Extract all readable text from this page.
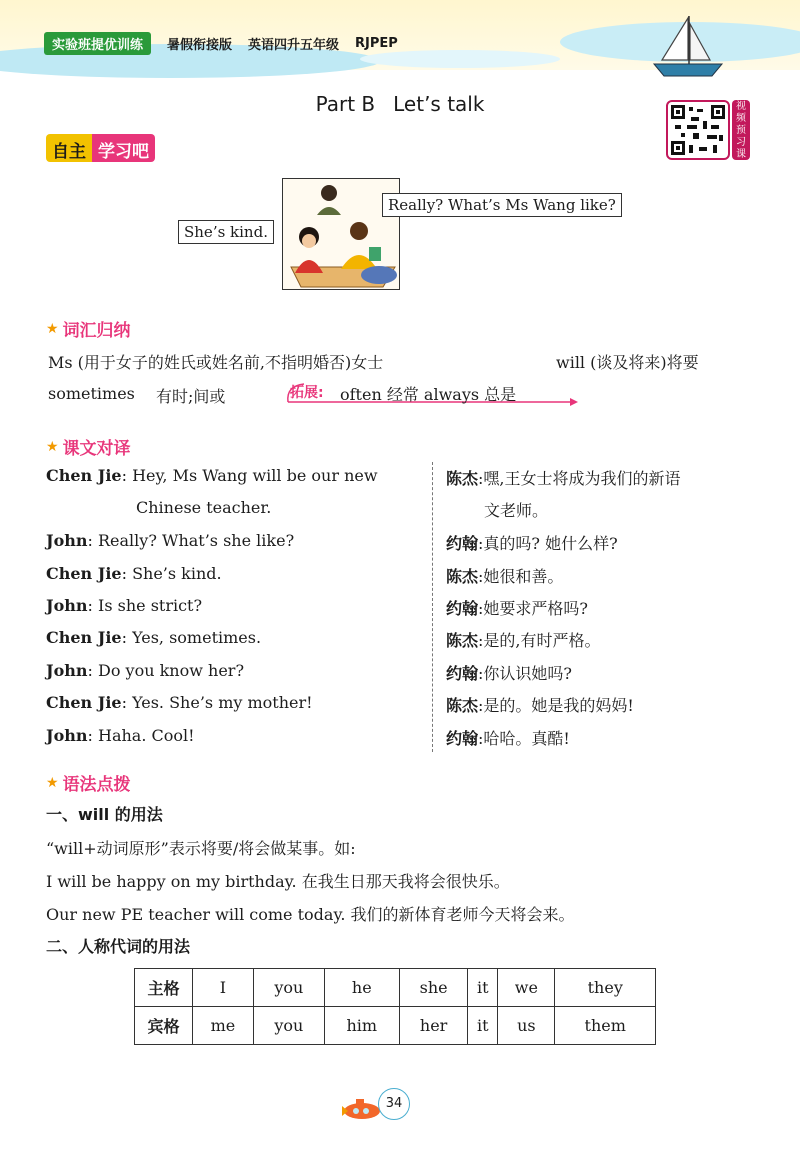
实验班提优训练	暑假衔接版 英语四升五年级 RJPEP
Part B Let’s talk	视频预习课
自主 学习吧
She’s kind.
Really? What’s Ms Wang like?
★ 词汇归纳
Ms (用于女子的姓氏或姓名前,不指明婚否)女士	will (谈及将来)将要
sometimes 有时;间或	拓展: often 经常 always 总是
★ 课文对译
Chen Jie: Hey, Ms Wang will be our new
Chinese teacher.
John: Really? What’s she like?
Chen Jie: She’s kind.
John: Is she strict?
Chen Jie: Yes, sometimes.
John: Do you know her?
Chen Jie: Yes. She’s my mother!
John: Haha. Cool!
陈杰:嘿,王女士将成为我们的新语
文老师。
约翰:真的吗? 她什么样?
陈杰:她很和善。
约翰:她要求严格吗?
陈杰:是的,有时严格。
约翰:你认识她吗?
陈杰:是的。她是我的妈妈!
约翰:哈哈。真酷!
★ 语法点拨
一、will 的用法
“will+动词原形”表示将要/将会做某事。如:
I will be happy on my birthday. 在我生日那天我将会很快乐。
Our new PE teacher will come today. 我们的新体育老师今天将会来。
二、人称代词的用法
主格	I	you	he	she	it	we	they
宾格	me	you	him	her	it	us	them
34
